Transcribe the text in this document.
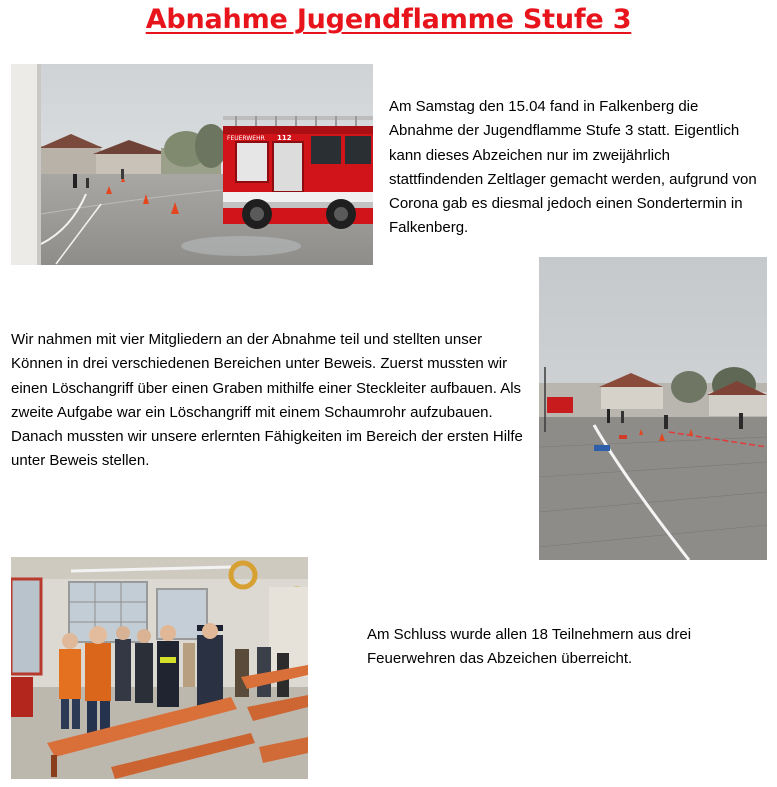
Abnahme Jugendflamme Stufe 3
FEUERWEHR 112

Am Samstag den 15.04 fand in Falkenberg die Abnahme der Jugendflamme Stufe 3 statt. Eigentlich kann dieses Abzeichen nur im zweijährlich stattfindenden Zeltlager gemacht werden, aufgrund von Corona gab es diesmal jedoch einen Sondertermin in Falkenberg.

Wir nahmen mit vier Mitgliedern an der Abnahme teil und stellten unser Können in drei verschiedenen Bereichen unter Beweis. Zuerst mussten wir einen Löschangriff über einen Graben mithilfe einer Steckleiter aufbauen. Als zweite Aufgabe war ein Löschangriff mit einem Schaumrohr aufzubauen. Danach mussten wir unsere erlernten Fähigkeiten im Bereich der ersten Hilfe unter Beweis stellen.

Am Schluss wurde allen 18 Teilnehmern aus drei Feuerwehren das Abzeichen überreicht.
